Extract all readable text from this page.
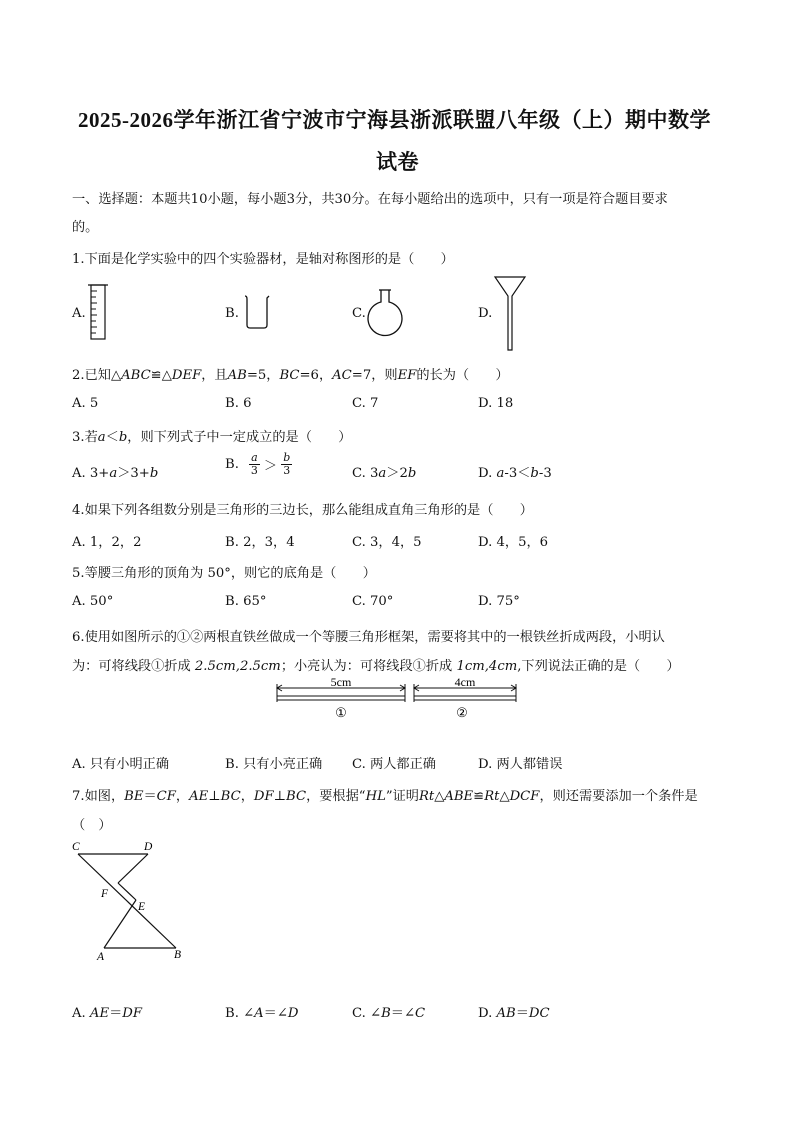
2025-2026学年浙江省宁波市宁海县浙派联盟八年级（上）期中数学
试卷
一、选择题：本题共10小题，每小题3分，共30分。在每小题给出的选项中，只有一项是符合题目要求
的。
1.下面是化学实验中的四个实验器材，是轴对称图形的是（　　）
A.	B.	C.	D.
2.已知△ABC≌△DEF，且AB=5，BC=6，AC=7，则EF的长为（　　）
A. 5	B. 6	C. 7	D. 18
3.若a＜b，则下列式子中一定成立的是（　　）
A. 3+a＞3+b
B. $\frac{a}{3} > \frac{b}{3}$	C. 3a＞2b	D. a-3＜b-3
4.如果下列各组数分别是三角形的三边长，那么能组成直角三角形的是（　　）
A. 1，2，2	B. 2，3，4	C. 3，4，5	D. 4，5，6
5.等腰三角形的顶角为 50°，则它的底角是（　　）
A. 50°	B. 65°	C. 70°	D. 75°
6.使用如图所示的①②两根直铁丝做成一个等腰三角形框架，需要将其中的一根铁丝折成两段，小明认
为：可将线段①折成 2.5cm,2.5cm；小亮认为：可将线段①折成 1cm,4cm,下列说法正确的是（　　）
5cm
①
4cm
②
A. 只有小明正确	B. 只有小亮正确 C. 两人都正确	D. 两人都错误
7.如图，BE＝CF，AE⊥BC，DF⊥BC，要根据“HL”证明Rt△ABE≌Rt△DCF，则还需要添加一个条件是
（　）
C	D
F
E
A	B
A. AE＝DF	B. ∠A＝∠D	C. ∠B＝∠C	D. AB＝DC
